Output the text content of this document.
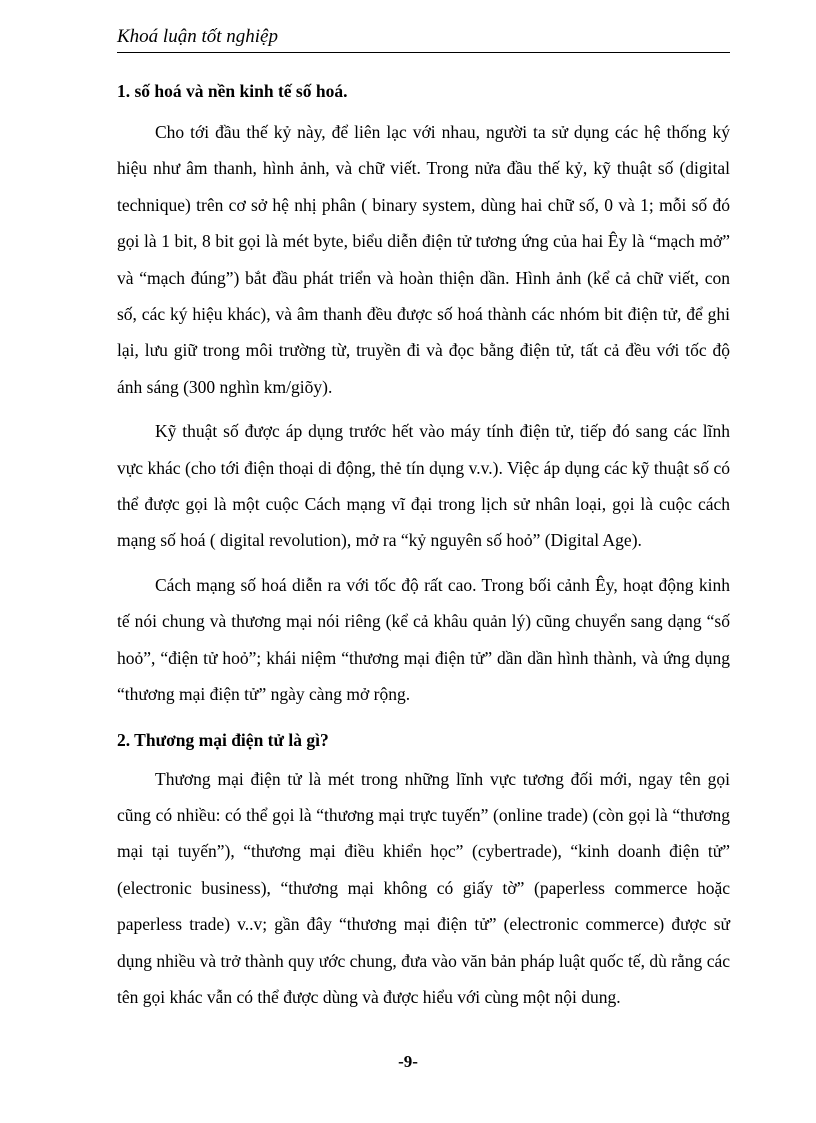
Khoá luận tốt nghiệp
1. số hoá và nền kinh tế số hoá.

Cho tới đầu thế kỷ này, để liên lạc với nhau, người ta sử dụng các hệ thống ký hiệu như âm thanh, hình ảnh, và chữ viết. Trong nửa đầu thế kỷ, kỹ thuật số (digital technique) trên cơ sở hệ nhị phân ( binary system, dùng hai chữ số, 0 và 1; mỗi số đó gọi là 1 bit, 8 bit gọi là mét byte, biểu diễn điện tử tương ứng của hai Êy là “mạch mở” và “mạch đúng”) bắt đầu phát triển và hoàn thiện dần. Hình ảnh (kể cả chữ viết, con số, các ký hiệu khác), và âm thanh đều được số hoá thành các nhóm bit điện tử, để ghi lại, lưu giữ trong môi trường từ, truyền đi và đọc bằng điện tử, tất cả đều với tốc độ ánh sáng (300 nghìn km/giõy).

Kỹ thuật số được áp dụng trước hết vào máy tính điện tử, tiếp đó sang các lĩnh vực khác (cho tới điện thoại di động, thẻ tín dụng v.v.). Việc áp dụng các kỹ thuật số có thể được gọi là một cuộc Cách mạng vĩ đại trong lịch sử nhân loại, gọi là cuộc cách mạng số hoá ( digital revolution), mở ra “kỷ nguyên số hoỏ” (Digital Age).

Cách mạng số hoá diễn ra với tốc độ rất cao. Trong bối cảnh Êy, hoạt động kinh tế nói chung và thương mại nói riêng (kể cả khâu quản lý) cũng chuyển sang dạng “số hoỏ”, “điện tử hoỏ”; khái niệm “thương mại điện tử” dần dần hình thành, và ứng dụng “thương mại điện tử” ngày càng mở rộng.

2. Thương mại điện tử là gì?

Thương mại điện tử là mét trong những lĩnh vực tương đối mới, ngay tên gọi cũng có nhiều: có thể gọi là “thương mại trực tuyến” (online trade) (còn gọi là “thương mại tại tuyến”), “thương mại điều khiển học” (cybertrade), “kinh doanh điện tử” (electronic business), “thương mại không có giấy tờ” (paperless commerce hoặc paperless trade) v..v; gần đây “thương mại điện tử” (electronic commerce) được sử dụng nhiều và trở thành quy ước chung, đưa vào văn bản pháp luật quốc tế, dù rằng các tên gọi khác vẫn có thể được dùng và được hiểu với cùng một nội dung.

-9-
